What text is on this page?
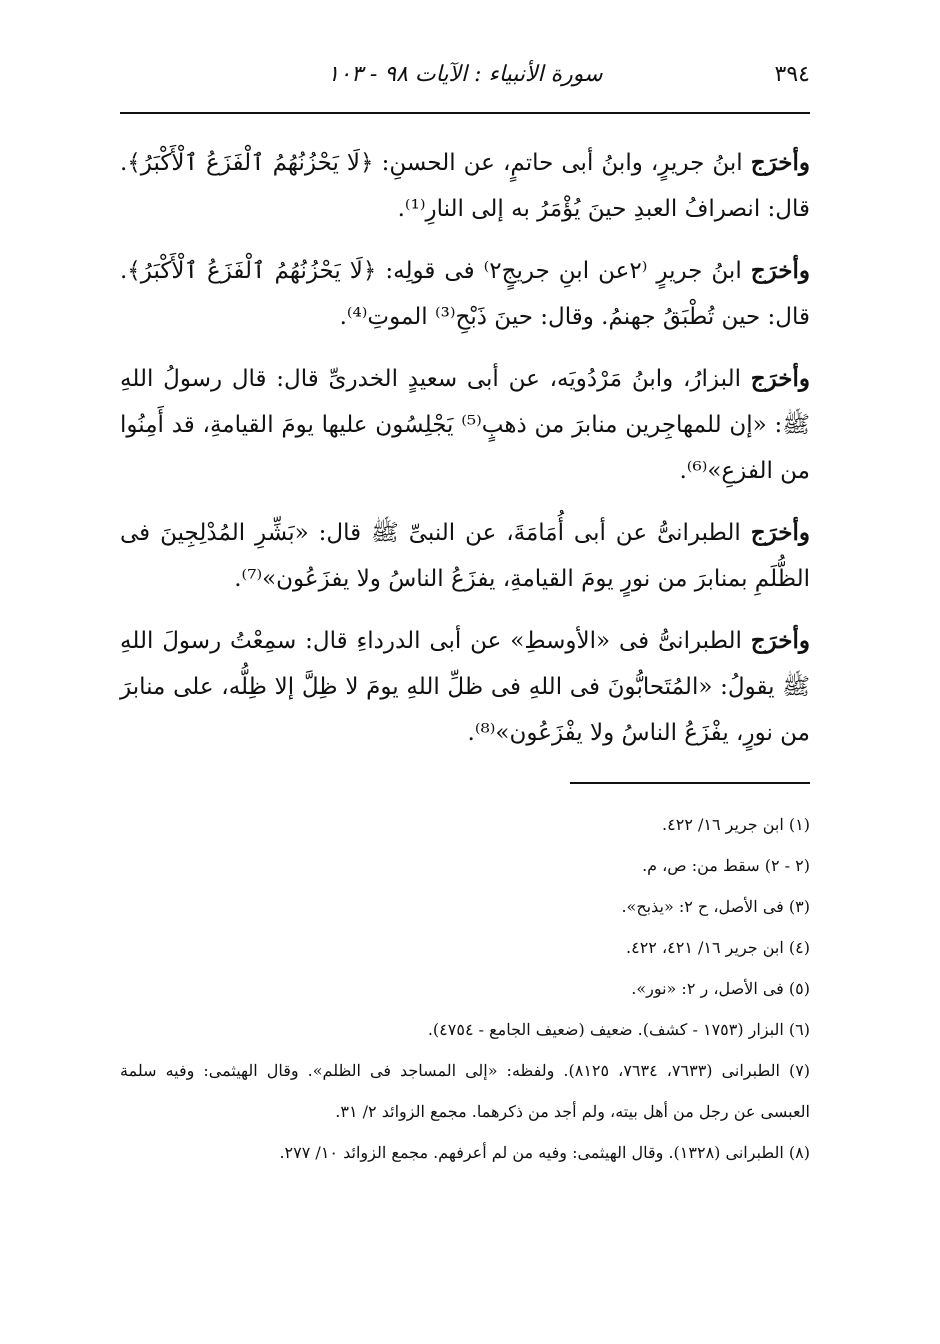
٣٩٤
سورة الأنبياء : الآيات ٩٨ - ١٠٣

وأخرَج ابنُ جريرٍ، وابنُ أبى حاتمٍ، عن الحسنِ: ﴿لَا يَحْزُنُهُمُ ٱلْفَزَعُ ٱلْأَكْبَرُ﴾. قال: انصرافُ العبدِ حينَ يُؤْمَرُ به إلى النارِ⁽¹⁾.

وأخرَج ابنُ جريرٍ ⁽٢عن ابنِ جريجٍ٢⁾ فى قولِه: ﴿لَا يَحْزُنُهُمُ ٱلْفَزَعُ ٱلْأَكْبَرُ﴾. قال: حين تُطْبَقُ جهنمُ. وقال: حينَ ذَبْحِ⁽³⁾ الموتِ⁽⁴⁾.

وأخرَج البزارُ، وابنُ مَرْدُويَه، عن أبى سعيدٍ الخدرىِّ قال: قال رسولُ اللهِ ﷺ: «إن للمهاجِرين منابرَ من ذهبٍ⁽⁵⁾ يَجْلِسُون عليها يومَ القيامةِ، قد أَمِنُوا من الفزعِ»⁽⁶⁾.

وأخرَج الطبرانىُّ عن أبى أُمَامَةَ، عن النبىِّ ﷺ قال: «بَشِّرِ المُدْلِجِينَ فى الظُّلَمِ بمنابرَ من نورٍ يومَ القيامةِ، يفزَعُ الناسُ ولا يفزَعُون»⁽⁷⁾.

وأخرَج الطبرانىُّ فى «الأوسطِ» عن أبى الدرداءِ قال: سمِعْتُ رسولَ اللهِ ﷺ يقولُ: «المُتَحابُّونَ فى اللهِ فى ظلِّ اللهِ يومَ لا ظِلَّ إلا ظِلُّه، على منابرَ من نورٍ، يفْزَعُ الناسُ ولا يفْزَعُون»⁽⁸⁾.

(١) ابن جرير ١٦/ ٤٢٢.

(٢ - ٢) سقط من: ص، م.

(٣) فى الأصل، ح ٢: «يذبح».

(٤) ابن جرير ١٦/ ٤٢١، ٤٢٢.

(٥) فى الأصل، ر ٢: «نور».

(٦) البزار (١٧٥٣ - كشف). ضعيف (ضعيف الجامع - ٤٧٥٤).

(٧) الطبرانى (٧٦٣٣، ٧٦٣٤، ٨١٢٥). ولفظه: «إلى المساجد فى الظلم». وقال الهيثمى: وفيه سلمة العبسى عن رجل من أهل بيته، ولم أجد من ذكرهما. مجمع الزوائد ٢/ ٣١.

(٨) الطبرانى (١٣٢٨). وقال الهيثمى: وفيه من لم أعرفهم. مجمع الزوائد ١٠/ ٢٧٧.
